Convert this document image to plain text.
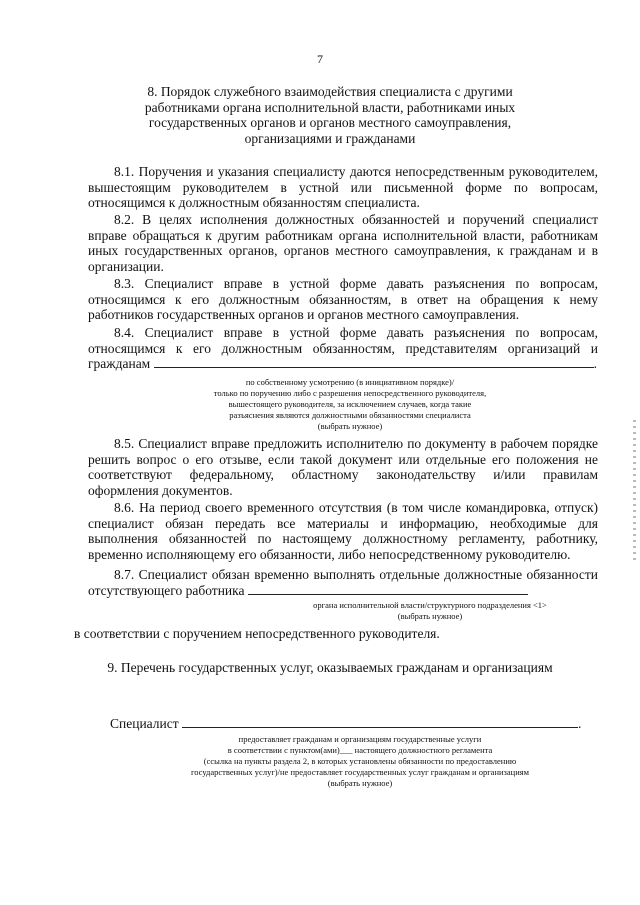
7
8. Порядок служебного взаимодействия специалиста с другими
работниками органа исполнительной власти, работниками иных
государственных органов и органов местного самоуправления,
организациями и гражданами
8.1. Поручения и указания специалисту даются непосредственным руководителем, вышестоящим руководителем в устной или письменной форме по вопросам, относящимся к должностным обязанностям специалиста.
8.2. В целях исполнения должностных обязанностей и поручений специалист вправе обращаться к другим работникам органа исполнительной власти, работникам иных государственных органов, органов местного самоуправления, к гражданам и в организации.
8.3. Специалист вправе в устной форме давать разъяснения по вопросам, относящимся к его должностным обязанностям, в ответ на обращения к нему работников государственных органов и органов местного самоуправления.
8.4. Специалист вправе в устной форме давать разъяснения по вопросам, относящимся к его должностным обязанностям, представителям организаций и гражданам	.
по собственному усмотрению (в инициативном порядке)/
только по поручению либо с разрешения непосредственного руководителя,
вышестоящего руководителя, за исключением случаев, когда такие
разъяснения являются должностными обязанностями специалиста
(выбрать нужное)
8.5. Специалист вправе предложить исполнителю по документу в рабочем порядке решить вопрос о его отзыве, если такой документ или отдельные его положения не соответствуют федеральному, областному законодательству и/или правилам оформления документов.
8.6. На период своего временного отсутствия (в том числе командировка, отпуск) специалист обязан передать все материалы и информацию, необходимые для выполнения обязанностей по настоящему должностному регламенту, работнику, временно исполняющему его обязанности, либо непосредственному руководителю.
8.7. Специалист обязан временно выполнять отдельные должностные обязанности отсутствующего работника
органа исполнительной власти/структурного подразделения <1>
(выбрать нужное)
в соответствии с поручением непосредственного руководителя.
9. Перечень государственных услуг, оказываемых гражданам и организациям
Специалист	.
предоставляет гражданам и организациям государственные услуги
в соответствии с пунктом(ами)___ настоящего должностного регламента
(ссылка на пункты раздела 2, в которых установлены обязанности по предоставлению
государственных услуг)/не предоставляет государственных услуг гражданам и организациям
(выбрать нужное)
